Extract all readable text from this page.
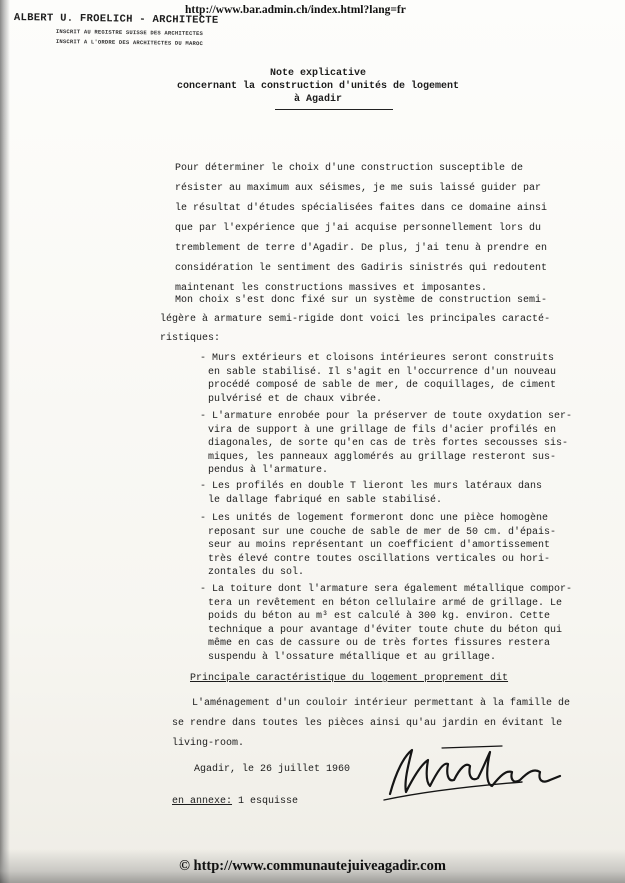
http://www.bar.admin.ch/index.html?lang=fr
ALBERT U. FROELICH - ARCHITECTE
INSCRIT AU REGISTRE SUISSE DES ARCHITECTES
INSCRIT A L'ORDRE DES ARCHITECTES DU MAROC
Note explicative
concernant la construction d'unités de logement
à Agadir
Pour déterminer le choix d'une construction susceptible de
résister au maximum aux séismes, je me suis laissé guider par
le résultat d'études spécialisées faites dans ce domaine ainsi
que par l'expérience que j'ai acquise personnellement lors du
tremblement de terre d'Agadir. De plus, j'ai tenu à prendre en
considération le sentiment des Gadiris sinistrés qui redoutent
maintenant les constructions massives et imposantes.
Mon choix s'est donc fixé sur un système de construction semi-
légère à armature semi-rigide dont voici les principales caracté-
ristiques:
- Murs extérieurs et cloisons intérieures seront construits
en sable stabilisé. Il s'agit en l'occurrence d'un nouveau
procédé composé de sable de mer, de coquillages, de ciment
pulvérisé et de chaux vibrée.
- L'armature enrobée pour la préserver de toute oxydation ser-
vira de support à une grillage de fils d'acier profilés en
diagonales, de sorte qu'en cas de très fortes secousses sis-
miques, les panneaux agglomérés au grillage resteront sus-
pendus à l'armature.
- Les profilés en double T lieront les murs latéraux dans
le dallage fabriqué en sable stabilisé.
- Les unités de logement formeront donc une pièce homogène
reposant sur une couche de sable de mer de 50 cm. d'épais-
seur au moins représentant un coefficient d'amortissement
très élevé contre toutes oscillations verticales ou hori-
zontales du sol.
- La toiture dont l'armature sera également métallique compor-
tera un revêtement en béton cellulaire armé de grillage. Le
poids du béton au m³ est calculé à 300 kg. environ. Cette
technique a pour avantage d'éviter toute chute du béton qui
même en cas de cassure ou de très fortes fissures restera
suspendu à l'ossature métallique et au grillage.
Principale caractéristique du logement proprement dit
L'aménagement d'un couloir intérieur permettant à la famille de
se rendre dans toutes les pièces ainsi qu'au jardin en évitant le
living-room.
Agadir, le 26 juillet 1960
en annexe: 1 esquisse
© http://www.communautejuiveagadir.com
